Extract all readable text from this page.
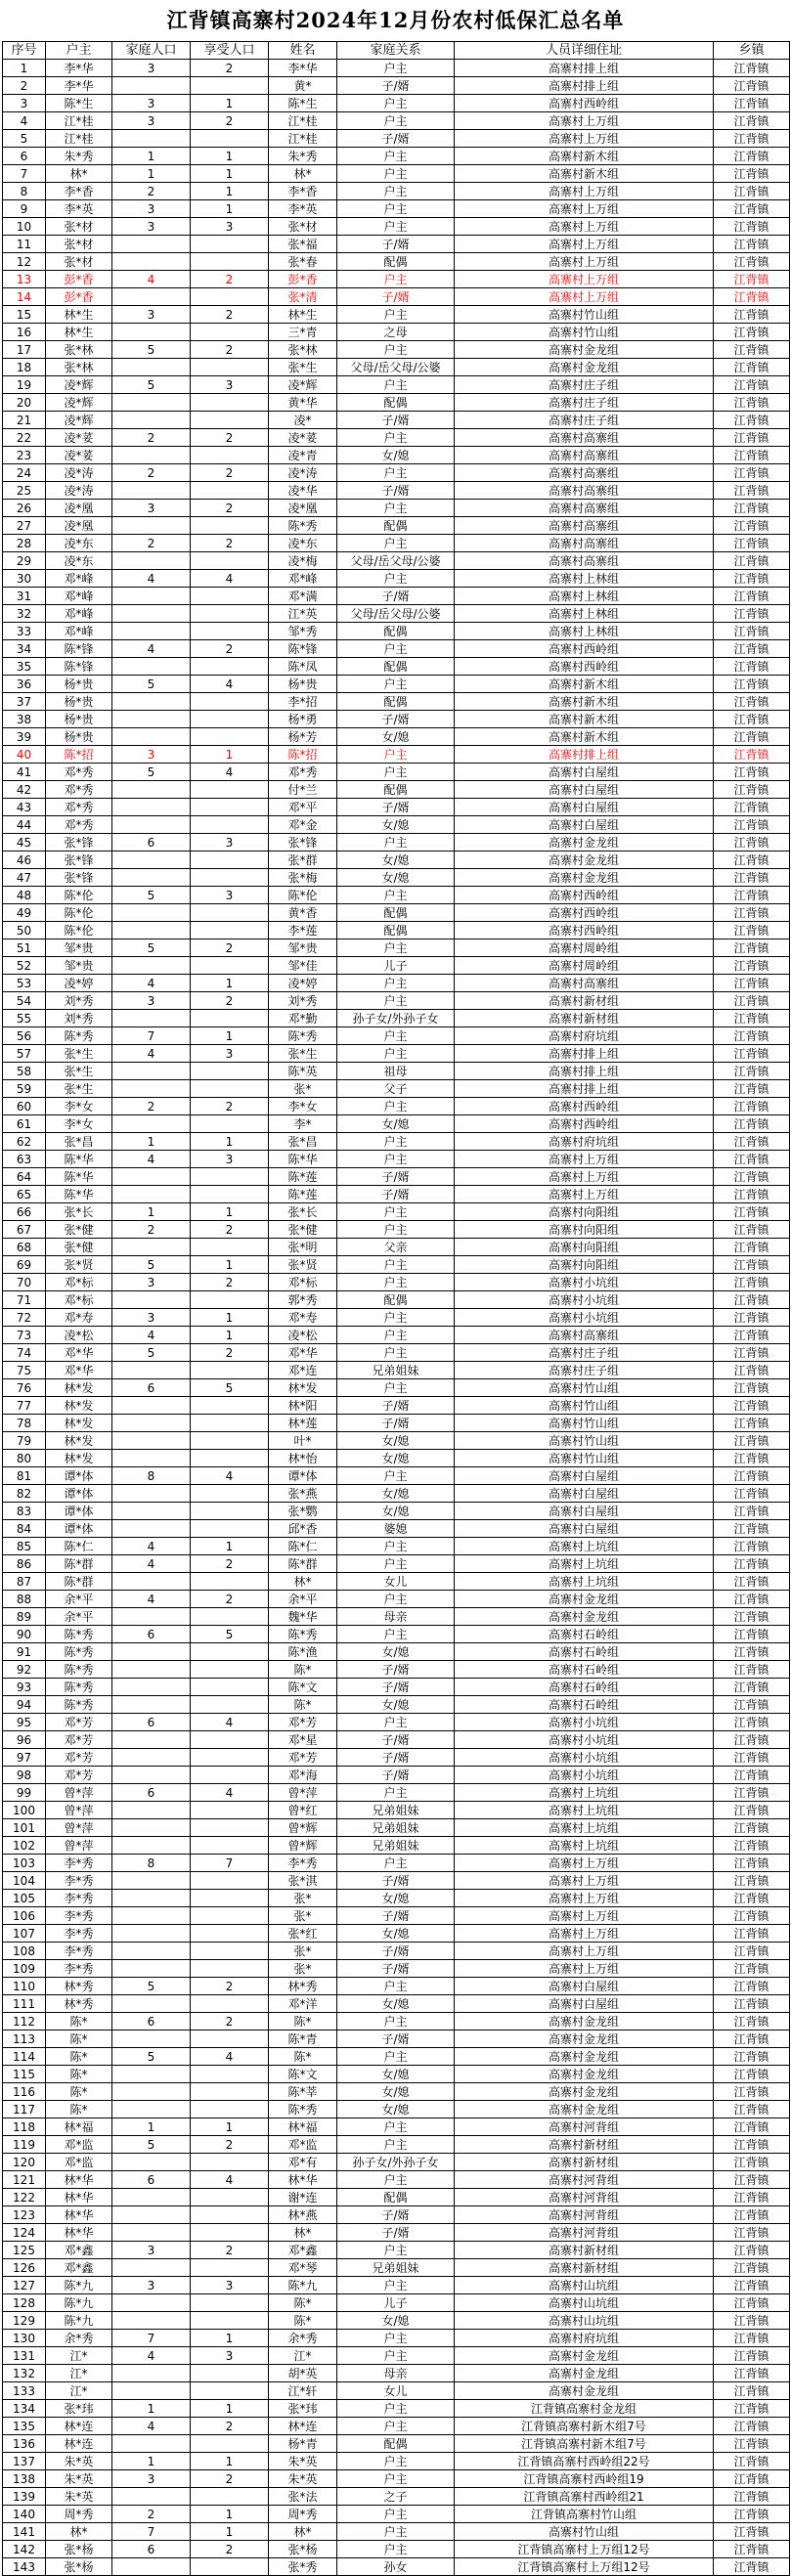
江背镇高寨村2024年12月份农村低保汇总名单
序号	户主	家庭人口	享受人口	姓名	家庭关系	人员详细住址	乡镇
1	李*华	3	2	李*华	户主	高寨村排上组	江背镇
2	李*华			黄*	子/婿	高寨村排上组	江背镇
3	陈*生	3	1	陈*生	户主	高寨村西岭组	江背镇
4	江*桂	3	2	江*桂	户主	高寨村上万组	江背镇
5	江*桂			江*桂	子/婿	高寨村上万组	江背镇
6	朱*秀	1	1	朱*秀	户主	高寨村新木组	江背镇
7	林*	1	1	林*	户主	高寨村新木组	江背镇
8	李*香	2	1	李*香	户主	高寨村上万组	江背镇
9	李*英	3	1	李*英	户主	高寨村上万组	江背镇
10	张*材	3	3	张*材	户主	高寨村上万组	江背镇
11	张*材			张*福	子/婿	高寨村上万组	江背镇
12	张*材			张*春	配偶	高寨村上万组	江背镇
13	彭*香	4	2	彭*香	户主	高寨村上万组	江背镇
14	彭*香			张*清	子/婿	高寨村上万组	江背镇
15	林*生	3	2	林*生	户主	高寨村竹山组	江背镇
16	林*生			三*青	之母	高寨村竹山组	江背镇
17	张*林	5	2	张*林	户主	高寨村金龙组	江背镇
18	张*林			张*生	父母/岳父母/公婆	高寨村金龙组	江背镇
19	凌*辉	5	3	凌*辉	户主	高寨村庄子组	江背镇
20	凌*辉			黄*华	配偶	高寨村庄子组	江背镇
21	凌*辉			凌*	子/婿	高寨村庄子组	江背镇
22	凌*荽	2	2	凌*荽	户主	高寨村高寨组	江背镇
23	凌*荽			凌*青	女/媳	高寨村高寨组	江背镇
24	凌*涛	2	2	凌*涛	户主	高寨村高寨组	江背镇
25	凌*涛			凌*华	子/婿	高寨村高寨组	江背镇
26	凌*凰	3	2	凌*凰	户主	高寨村高寨组	江背镇
27	凌*凰			陈*秀	配偶	高寨村高寨组	江背镇
28	凌*东	2	2	凌*东	户主	高寨村高寨组	江背镇
29	凌*东			凌*梅	父母/岳父母/公婆	高寨村高寨组	江背镇
30	邓*峰	4	4	邓*峰	户主	高寨村上林组	江背镇
31	邓*峰			邓*满	子/婿	高寨村上林组	江背镇
32	邓*峰			江*英	父母/岳父母/公婆	高寨村上林组	江背镇
33	邓*峰			邹*秀	配偶	高寨村上林组	江背镇
34	陈*锋	4	2	陈*锋	户主	高寨村西岭组	江背镇
35	陈*锋			陈*凤	配偶	高寨村西岭组	江背镇
36	杨*贵	5	4	杨*贵	户主	高寨村新木组	江背镇
37	杨*贵			李*招	配偶	高寨村新木组	江背镇
38	杨*贵			杨*勇	子/婿	高寨村新木组	江背镇
39	杨*贵			杨*芳	女/媳	高寨村新木组	江背镇
40	陈*招	3	1	陈*招	户主	高寨村排上组	江背镇
41	邓*秀	5	4	邓*秀	户主	高寨村白屋组	江背镇
42	邓*秀			付*兰	配偶	高寨村白屋组	江背镇
43	邓*秀			邓*平	子/婿	高寨村白屋组	江背镇
44	邓*秀			邓*金	女/媳	高寨村白屋组	江背镇
45	张*锋	6	3	张*锋	户主	高寨村金龙组	江背镇
46	张*锋			张*群	女/媳	高寨村金龙组	江背镇
47	张*锋			张*梅	女/媳	高寨村金龙组	江背镇
48	陈*伦	5	3	陈*伦	户主	高寨村西岭组	江背镇
49	陈*伦			黄*香	配偶	高寨村西岭组	江背镇
50	陈*伦			李*莲	配偶	高寨村西岭组	江背镇
51	邹*贵	5	2	邹*贵	户主	高寨村周岭组	江背镇
52	邹*贵			邹*佳	儿子	高寨村周岭组	江背镇
53	凌*婷	4	1	凌*婷	户主	高寨村高寨组	江背镇
54	刘*秀	3	2	刘*秀	户主	高寨村新材组	江背镇
55	刘*秀			邓*勤	孙子女/外孙子女	高寨村新材组	江背镇
56	陈*秀	7	1	陈*秀	户主	高寨村府坑组	江背镇
57	张*生	4	3	张*生	户主	高寨村排上组	江背镇
58	张*生			陈*英	祖母	高寨村排上组	江背镇
59	张*生			张*	父子	高寨村排上组	江背镇
60	李*女	2	2	李*女	户主	高寨村西岭组	江背镇
61	李*女			李*	女/媳	高寨村西岭组	江背镇
62	张*昌	1	1	张*昌	户主	高寨村府坑组	江背镇
63	陈*华	4	3	陈*华	户主	高寨村上万组	江背镇
64	陈*华			陈*莲	子/婿	高寨村上万组	江背镇
65	陈*华			陈*莲	子/婿	高寨村上万组	江背镇
66	张*长	1	1	张*长	户主	高寨村向阳组	江背镇
67	张*健	2	2	张*健	户主	高寨村向阳组	江背镇
68	张*健			张*明	父亲	高寨村向阳组	江背镇
69	张*贤	5	1	张*贤	户主	高寨村向阳组	江背镇
70	邓*标	3	2	邓*标	户主	高寨村小坑组	江背镇
71	邓*标			郭*秀	配偶	高寨村小坑组	江背镇
72	邓*寿	3	1	邓*寿	户主	高寨村小坑组	江背镇
73	凌*松	4	1	凌*松	户主	高寨村高寨组	江背镇
74	邓*华	5	2	邓*华	户主	高寨村庄子组	江背镇
75	邓*华			邓*连	兄弟姐妹	高寨村庄子组	江背镇
76	林*发	6	5	林*发	户主	高寨村竹山组	江背镇
77	林*发			林*阳	子/婿	高寨村竹山组	江背镇
78	林*发			林*莲	子/婿	高寨村竹山组	江背镇
79	林*发			叶*	女/媳	高寨村竹山组	江背镇
80	林*发			林*怡	女/媳	高寨村竹山组	江背镇
81	谭*体	8	4	谭*体	户主	高寨村白屋组	江背镇
82	谭*体			张*燕	女/媳	高寨村白屋组	江背镇
83	谭*体			张*鹦	女/媳	高寨村白屋组	江背镇
84	谭*体			邱*香	婆媳	高寨村白屋组	江背镇
85	陈*仁	4	1	陈*仁	户主	高寨村上坑组	江背镇
86	陈*群	4	2	陈*群	户主	高寨村上坑组	江背镇
87	陈*群			林*	女儿	高寨村上坑组	江背镇
88	余*平	4	2	余*平	户主	高寨村金龙组	江背镇
89	余*平			魏*华	母亲	高寨村金龙组	江背镇
90	陈*秀	6	5	陈*秀	户主	高寨村石岭组	江背镇
91	陈*秀			陈*渔	女/媳	高寨村石岭组	江背镇
92	陈*秀			陈*	子/婿	高寨村石岭组	江背镇
93	陈*秀			陈*文	子/婿	高寨村石岭组	江背镇
94	陈*秀			陈*	女/媳	高寨村石岭组	江背镇
95	邓*芳	6	4	邓*芳	户主	高寨村小坑组	江背镇
96	邓*芳			邓*星	子/婿	高寨村小坑组	江背镇
97	邓*芳			邓*芳	子/婿	高寨村小坑组	江背镇
98	邓*芳			邓*海	子/婿	高寨村小坑组	江背镇
99	曾*萍	6	4	曾*萍	户主	高寨村上坑组	江背镇
100	曾*萍			曾*红	兄弟姐妹	高寨村上坑组	江背镇
101	曾*萍			曾*辉	兄弟姐妹	高寨村上坑组	江背镇
102	曾*萍			曾*辉	兄弟姐妹	高寨村上坑组	江背镇
103	李*秀	8	7	李*秀	户主	高寨村上万组	江背镇
104	李*秀			张*淇	子/婿	高寨村上万组	江背镇
105	李*秀			张*	女/媳	高寨村上万组	江背镇
106	李*秀			张*	子/婿	高寨村上万组	江背镇
107	李*秀			张*红	女/媳	高寨村上万组	江背镇
108	李*秀			张*	子/婿	高寨村上万组	江背镇
109	李*秀			张*	子/婿	高寨村上万组	江背镇
110	林*秀	5	2	林*秀	户主	高寨村白屋组	江背镇
111	林*秀			邓*洋	女/媳	高寨村白屋组	江背镇
112	陈*	6	2	陈*	户主	高寨村金龙组	江背镇
113	陈*			陈*青	子/婿	高寨村金龙组	江背镇
114	陈*	5	4	陈*	户主	高寨村金龙组	江背镇
115	陈*			陈*文	女/媳	高寨村金龙组	江背镇
116	陈*			陈*莘	女/媳	高寨村金龙组	江背镇
117	陈*			陈*秀	女/媳	高寨村金龙组	江背镇
118	林*福	1	1	林*福	户主	高寨村河背组	江背镇
119	邓*监	5	2	邓*监	户主	高寨村新材组	江背镇
120	邓*监			邓*有	孙子女/外孙子女	高寨村新材组	江背镇
121	林*华	6	4	林*华	户主	高寨村河背组	江背镇
122	林*华			谢*连	配偶	高寨村河背组	江背镇
123	林*华			林*燕	子/婿	高寨村河背组	江背镇
124	林*华			林*	子/婿	高寨村河背组	江背镇
125	邓*鑫	3	2	邓*鑫	户主	高寨村新材组	江背镇
126	邓*鑫			邓*琴	兄弟姐妹	高寨村新材组	江背镇
127	陈*九	3	3	陈*九	户主	高寨村山坑组	江背镇
128	陈*九			陈*	儿子	高寨村山坑组	江背镇
129	陈*九			陈*	女/媳	高寨村山坑组	江背镇
130	余*秀	7	1	余*秀	户主	高寨村府坑组	江背镇
131	江*	4	3	江*	户主	高寨村金龙组	江背镇
132	江*			胡*英	母亲	高寨村金龙组	江背镇
133	江*			江*轩	女儿	高寨村金龙组	江背镇
134	张*玮	1	1	张*玮	户主	江背镇高寨村金龙组	江背镇
135	林*连	4	2	林*连	户主	江背镇高寨村新木组7号	江背镇
136	林*连			杨*青	配偶	江背镇高寨村新木组7号	江背镇
137	朱*英	1	1	朱*英	户主	江背镇高寨村西岭组22号	江背镇
138	朱*英	3	2	朱*英	户主	江背镇高寨村西岭组19	江背镇
139	朱*英			张*法	之子	江背镇高寨村西岭组21	江背镇
140	周*秀	2	1	周*秀	户主	江背镇高寨村竹山组	江背镇
141	林*	7	1	林*	户主	高寨村竹山组	江背镇
142	张*杨	6	2	张*杨	户主	江背镇高寨村上万组12号	江背镇
143	张*杨			张*秀	孙女	江背镇高寨村上万组12号	江背镇
